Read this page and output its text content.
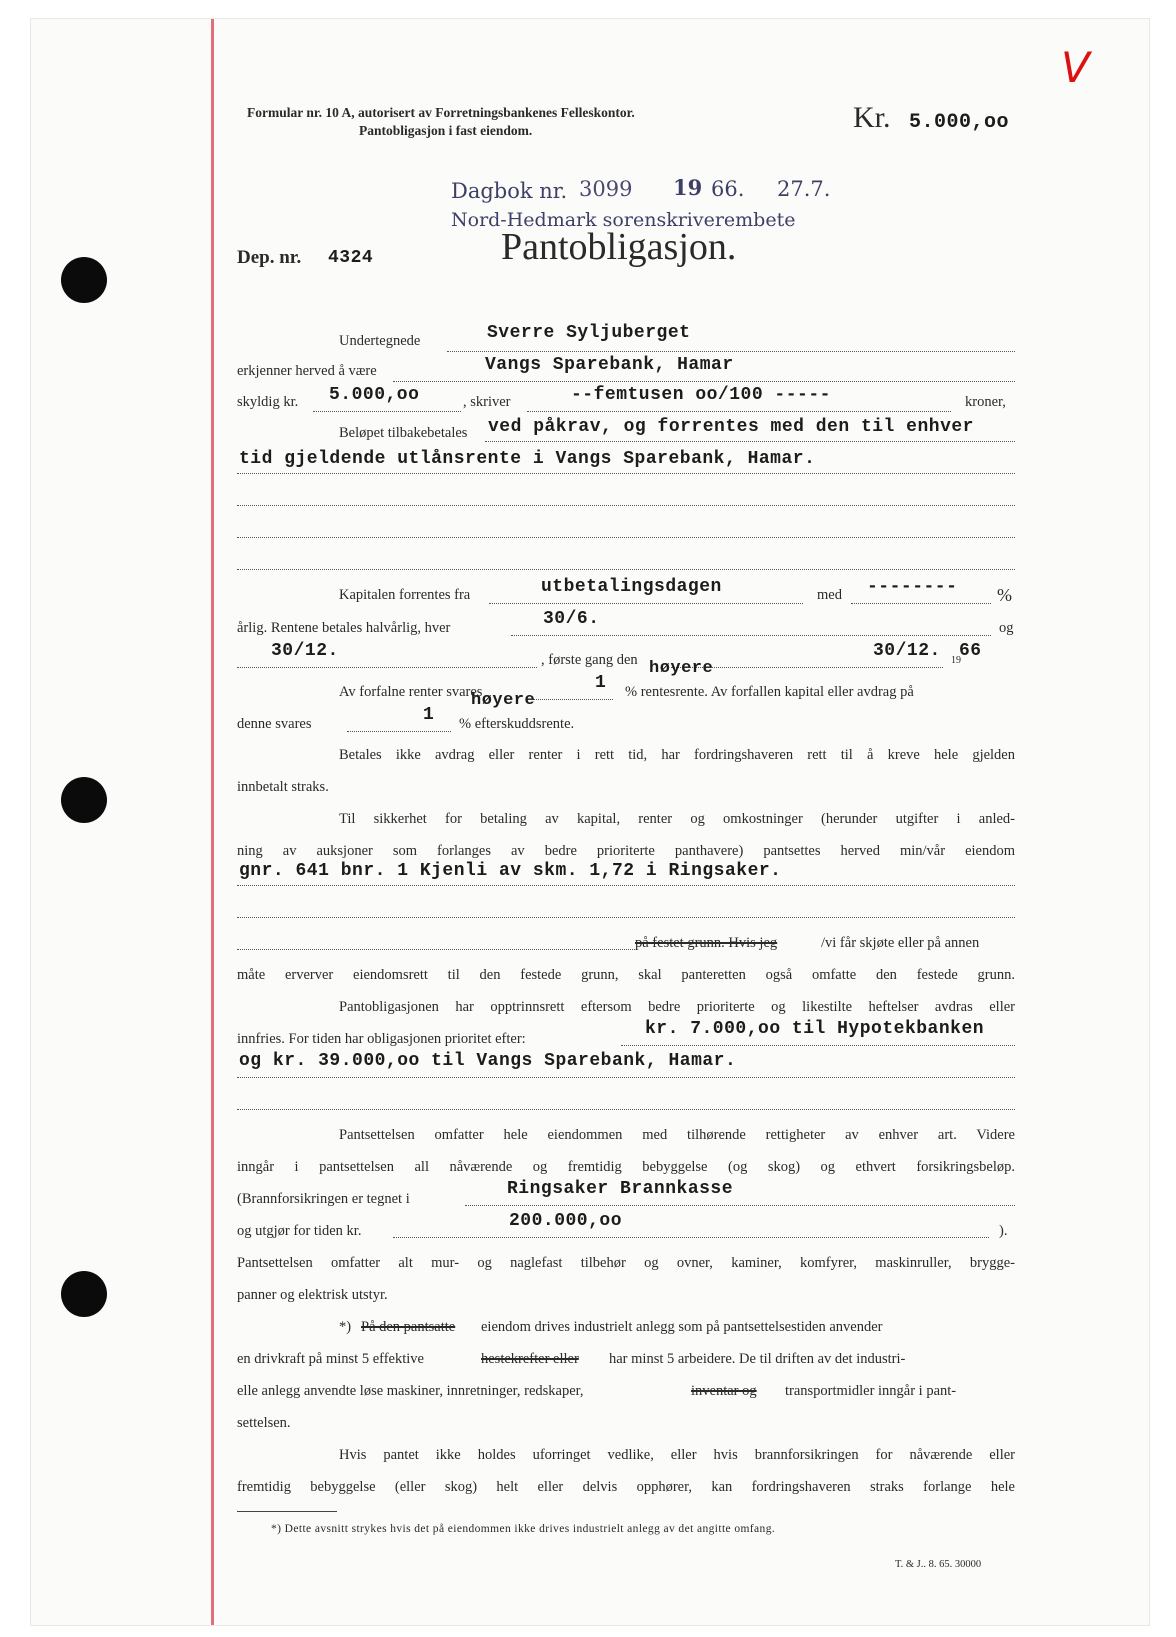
Formular nr. 10 A, autorisert av Forretningsbankenes Felleskontor.
Pantobligasjon i fast eiendom.	Kr. 5.000,oo
V
Dagbok nr. 3099 19 66. 27.7.
Nord-Hedmark sorenskriverembete
Dep. nr. 4324	Pantobligasjon.
Undertegnede	Sverre Syljuberget
erkjenner herved å være	Vangs Sparebank, Hamar
skyldig kr. 5.000,oo	, skriver	--femtusen oo/100 -----	kroner,
Beløpet tilbakebetales ved påkrav, og forrentes med den til enhver
tid gjeldende utlånsrente i Vangs Sparebank, Hamar.
Kapitalen forrentes fra	utbetalingsdagen	med -------- %
årlig. Rentene betales halvårlig, hver	30/6.	og
30/12.	, første gang den	30/12. 19
66
Av forfalne renter svares	1
høyere
% rentesrente. Av forfallen kapital eller avdrag på
denne svares	1
høyere
% efterskuddsrente.
Betales ikke avdrag eller renter i rett tid, har fordringshaveren rett til å kreve hele gjelden
innbetalt straks.
Til sikkerhet for betaling av kapital, renter og omkostninger (herunder utgifter i anled-
ning av auksjoner som forlanges av bedre prioriterte panthavere) pantsettes herved min/vår eiendom
gnr. 641 bnr. 1 Kjenli av skm. 1,72 i Ringsaker.
på festet grunn. Hvis jeg	/vi får skjøte eller på annen
måte erverver eiendomsrett til den festede grunn, skal panteretten også omfatte den festede grunn.
Pantobligasjonen har opptrinnsrett eftersom bedre prioriterte og likestilte heftelser avdras eller
innfries. For tiden har obligasjonen prioritet efter:	kr. 7.000,oo til Hypotekbanken
og kr. 39.000,oo til Vangs Sparebank, Hamar.
Pantsettelsen omfatter hele eiendommen med tilhørende rettigheter av enhver art. Videre
inngår i pantsettelsen all nåværende og fremtidig bebyggelse (og skog) og ethvert forsikringsbeløp.
(Brannforsikringen er tegnet i	Ringsaker Brannkasse
og utgjør for tiden kr.	200.000,oo	).
Pantsettelsen omfatter alt mur- og naglefast tilbehør og ovner, kaminer, komfyrer, maskinruller, brygge-
panner og elektrisk utstyr.
*) På den pantsatte eiendom drives industrielt anlegg som på pantsettelsestiden anvender
en drivkraft på minst 5 effektive	hestekrefter eller har minst 5 arbeidere. De til driften av det industri-
elle anlegg anvendte løse maskiner, innretninger, redskaper,	inventar og transportmidler inngår i pant-
settelsen.
Hvis pantet ikke holdes uforringet vedlike, eller hvis brannforsikringen for nåværende eller
fremtidig bebyggelse (eller skog) helt eller delvis opphører, kan fordringshaveren straks forlange hele
*) Dette avsnitt strykes hvis det på eiendommen ikke drives industrielt anlegg av det angitte omfang.
T. & J.. 8. 65. 30000
